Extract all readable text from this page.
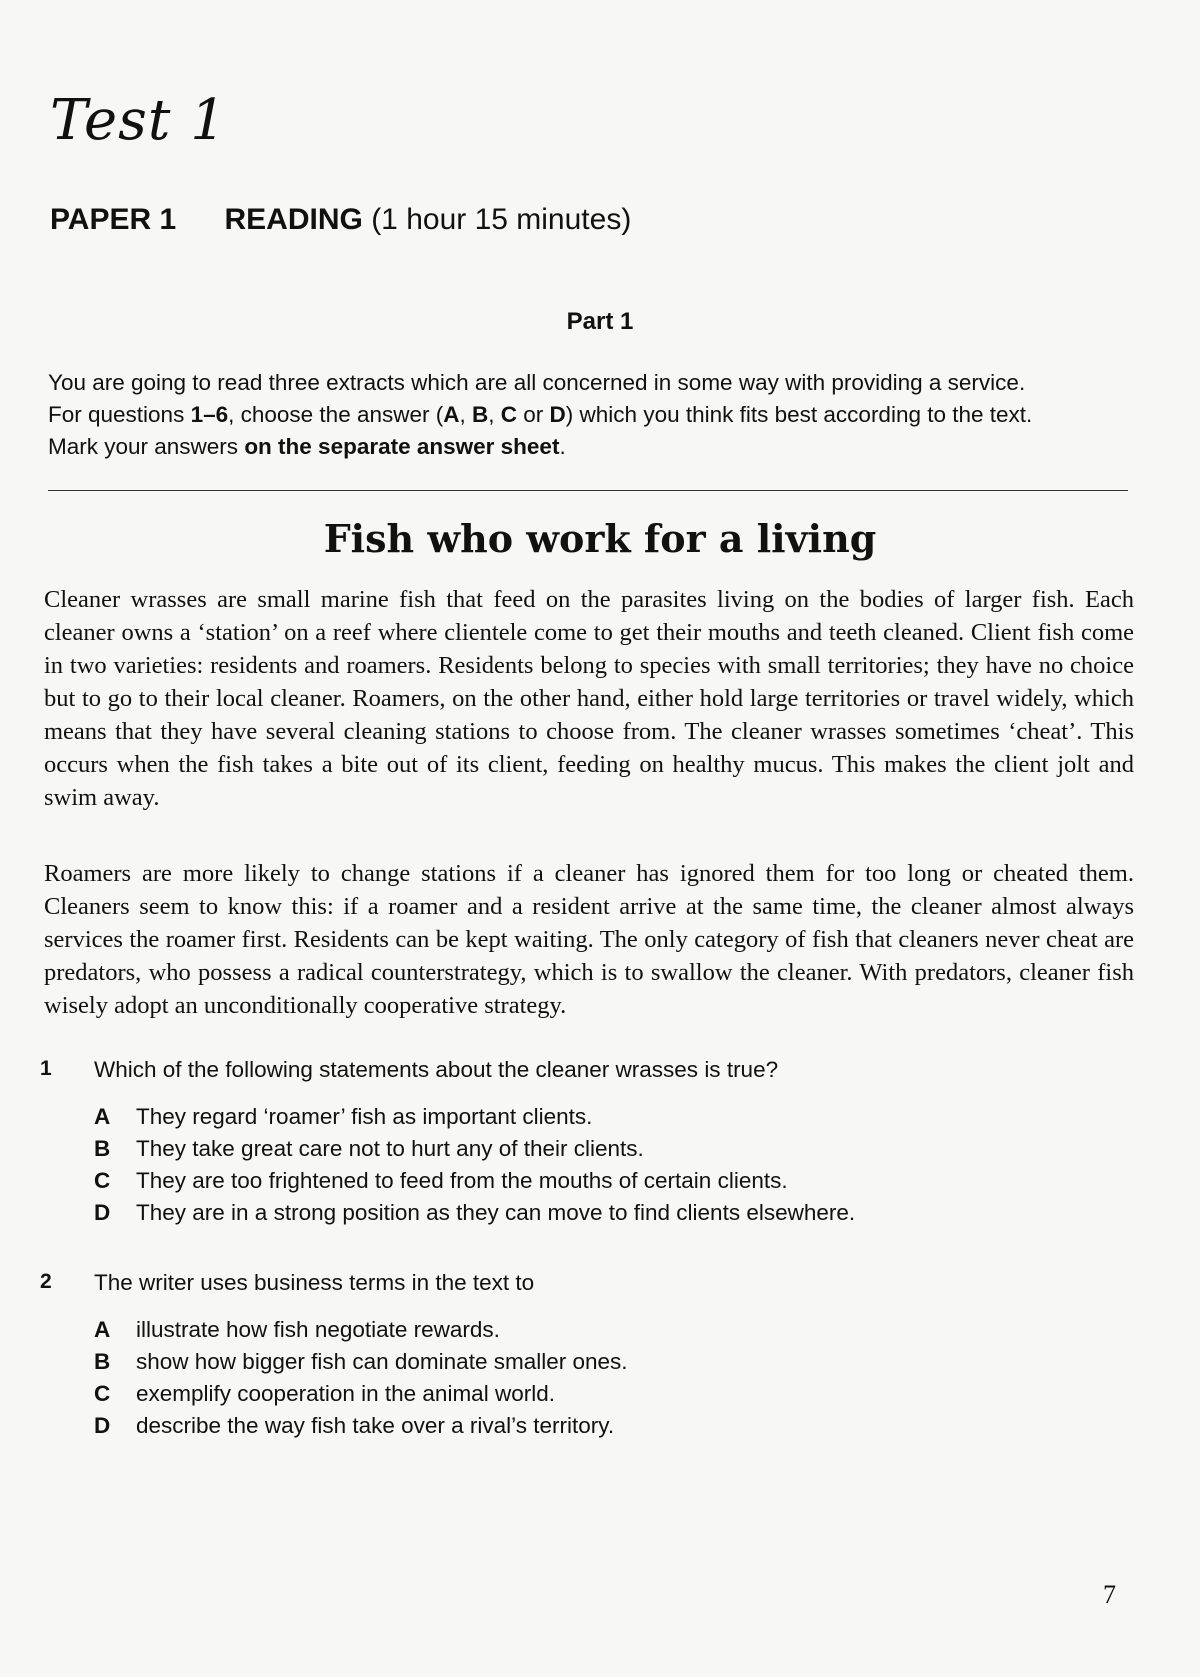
Test 1

PAPER 1 READING (1 hour 15 minutes)

Part 1

You are going to read three extracts which are all concerned in some way with providing a service.
For questions 1–6, choose the answer (A, B, C or D) which you think fits best according to the text.
Mark your answers on the separate answer sheet.

Fish who work for a living

Cleaner wrasses are small marine fish that feed on the parasites living on the bodies of larger fish. Each cleaner owns a ‘station’ on a reef where clientele come to get their mouths and teeth cleaned. Client fish come in two varieties: residents and roamers. Residents belong to species with small territories; they have no choice but to go to their local cleaner. Roamers, on the other hand, either hold large territories or travel widely, which means that they have several cleaning stations to choose from. The cleaner wrasses sometimes ‘cheat’. This occurs when the fish takes a bite out of its client, feeding on healthy mucus. This makes the client jolt and swim away.

Roamers are more likely to change stations if a cleaner has ignored them for too long or cheated them. Cleaners seem to know this: if a roamer and a resident arrive at the same time, the cleaner almost always services the roamer first. Residents can be kept waiting. The only category of fish that cleaners never cheat are predators, who possess a radical counterstrategy, which is to swallow the cleaner. With predators, cleaner fish wisely adopt an unconditionally cooperative strategy.

1 Which of the following statements about the cleaner wrasses is true?
A They regard ‘roamer’ fish as important clients.
B They take great care not to hurt any of their clients.
C They are too frightened to feed from the mouths of certain clients.
D They are in a strong position as they can move to find clients elsewhere.
2 The writer uses business terms in the text to
A illustrate how fish negotiate rewards.
B show how bigger fish can dominate smaller ones.
C exemplify cooperation in the animal world.
D describe the way fish take over a rival’s territory.

7
